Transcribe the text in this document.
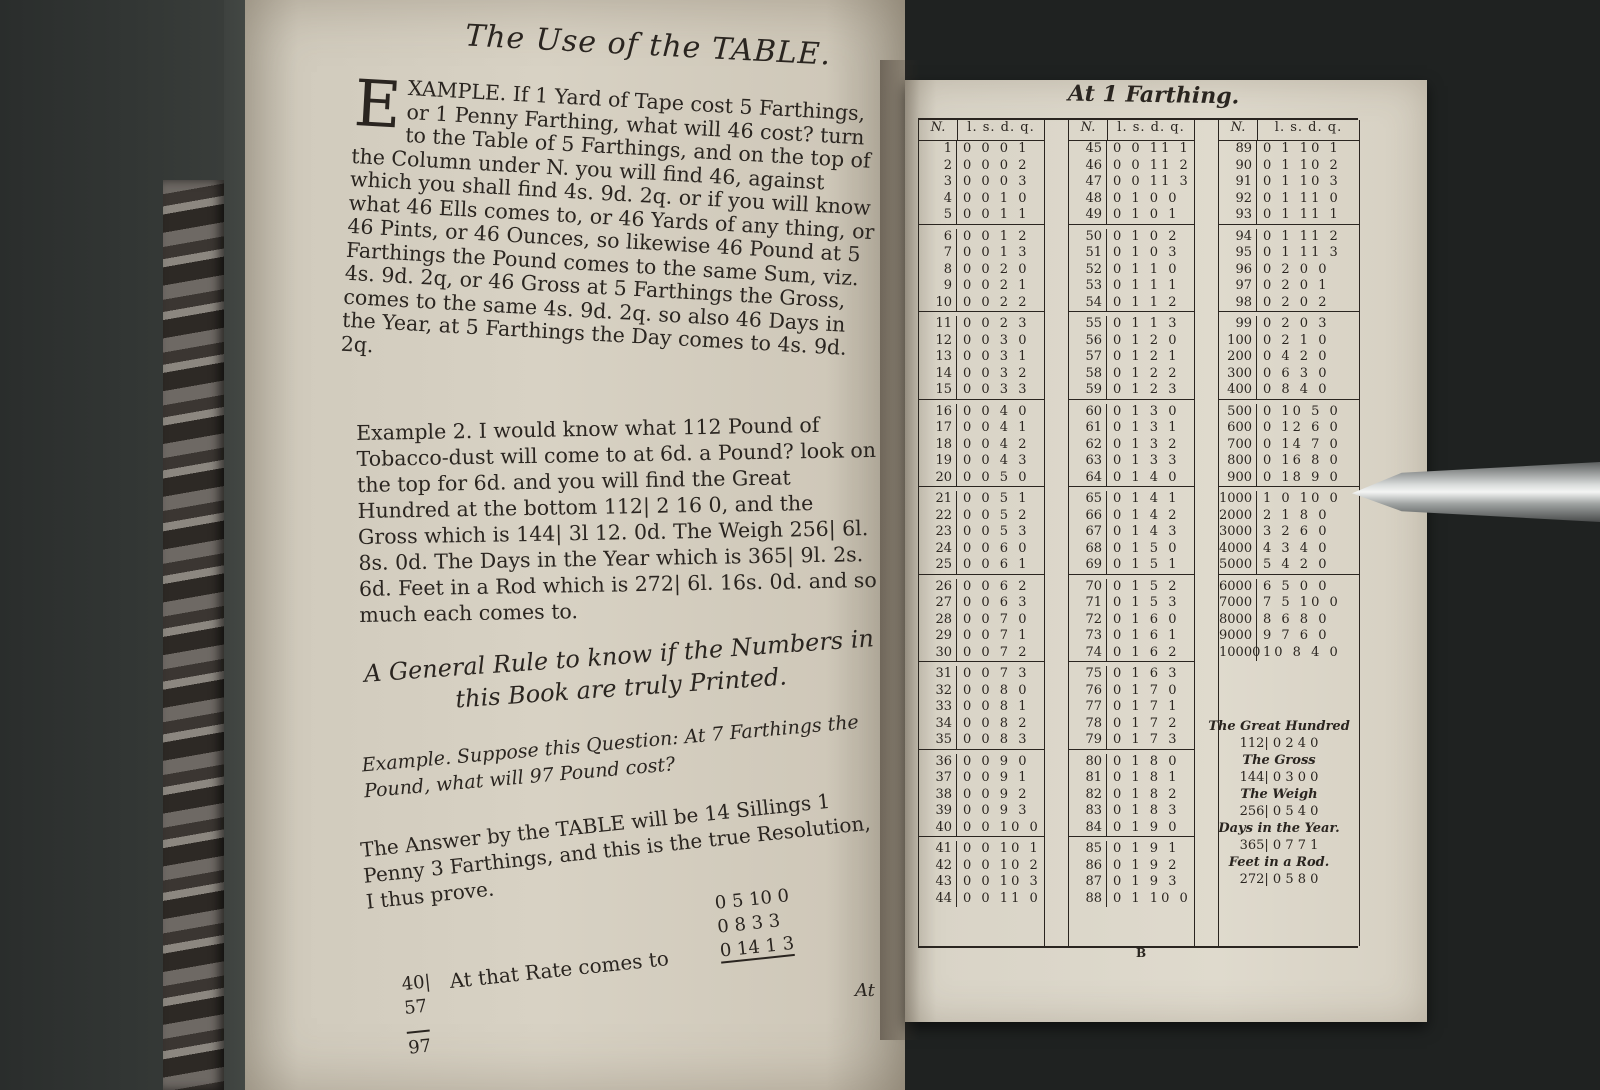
The Use of the TABLE.
E XAMPLE. If 1 Yard of Tape cost 5 Farthings, or 1 Penny Farthing, what will 46 cost? turn to the Table of 5 Farthings, and on the top of the Column under N. you will find 46, against which you shall find 4s. 9d. 2q. or if you will know what 46 Ells comes to, or 46 Yards of any thing, or 46 Pints, or 46 Ounces, so likewise 46 Pound at 5 Farthings the Pound comes to the same Sum, viz. 4s. 9d. 2q, or 46 Gross at 5 Farthings the Gross, comes to the same 4s. 9d. 2q. so also 46 Days in the Year, at 5 Farthings the Day comes to 4s. 9d. 2q.

Example 2. I would know what 112 Pound of Tobacco-dust will come to at 6d. a Pound? look on the top for 6d. and you will find the Great Hundred at the bottom 112| 2 16 0, and the Gross which is 144| 3l 12. 0d. The Weigh 256| 6l. 8s. 0d. The Days in the Year which is 365| 9l. 2s. 6d. Feet in a Rod which is 272| 6l. 16s. 0d. and so much each comes to.
A General Rule to know if the Numbers in this Book are truly Printed.
Example. Suppose this Question: At 7 Farthings the Pound, what will 97 Pound cost?
The Answer by the TABLE will be 14 Sillings 1 Penny 3 Farthings, and this is the true Resolution, I thus prove.
40|
57
97
At that Rate comes to
0 5 10 0
0 8 3 3
0 14 1 3
At
At 1 Farthing.
N.	l. s. d. q.
1 0 0 0 1
2 0 0 0 2
3 0 0 0 3
4 0 0 1 0
5 0 0 1 1
6 0 0 1 2
7 0 0 1 3
8 0 0 2 0
9 0 0 2 1
10 0 0 2 2
11 0 0 2 3
12 0 0 3 0
13 0 0 3 1
14 0 0 3 2
15 0 0 3 3
16 0 0 4 0
17 0 0 4 1
18 0 0 4 2
19 0 0 4 3
20 0 0 5 0
21 0 0 5 1
22 0 0 5 2
23 0 0 5 3
24 0 0 6 0
25 0 0 6 1
26 0 0 6 2
27 0 0 6 3
28 0 0 7 0
29 0 0 7 1
30 0 0 7 2
31 0 0 7 3
32 0 0 8 0
33 0 0 8 1
34 0 0 8 2
35 0 0 8 3
36 0 0 9 0
37 0 0 9 1
38 0 0 9 2
39 0 0 9 3
40 0 0 10 0
41 0 0 10 1
42 0 0 10 2
43 0 0 10 3
44 0 0 11 0
N.	l. s. d. q.
45 0 0 11 1
46 0 0 11 2
47 0 0 11 3
48 0 1 0 0
49 0 1 0 1
50 0 1 0 2
51 0 1 0 3
52 0 1 1 0
53 0 1 1 1
54 0 1 1 2
55 0 1 1 3
56 0 1 2 0
57 0 1 2 1
58 0 1 2 2
59 0 1 2 3
60 0 1 3 0
61 0 1 3 1
62 0 1 3 2
63 0 1 3 3
64 0 1 4 0
65 0 1 4 1
66 0 1 4 2
67 0 1 4 3
68 0 1 5 0
69 0 1 5 1
70 0 1 5 2
71 0 1 5 3
72 0 1 6 0
73 0 1 6 1
74 0 1 6 2
75 0 1 6 3
76 0 1 7 0
77 0 1 7 1
78 0 1 7 2
79 0 1 7 3
80 0 1 8 0
81 0 1 8 1
82 0 1 8 2
83 0 1 8 3
84 0 1 9 0
85 0 1 9 1
86 0 1 9 2
87 0 1 9 3
88 0 1 10 0
N.	l. s. d. q.
89 0 1 10 1
90 0 1 10 2
91 0 1 10 3
92 0 1 11 0
93 0 1 11 1
94 0 1 11 2
95 0 1 11 3
96 0 2 0 0
97 0 2 0 1
98 0 2 0 2
99 0 2 0 3
100 0 2 1 0
200 0 4 2 0
300 0 6 3 0
400 0 8 4 0
500 0 10 5 0
600 0 12 6 0
700 0 14 7 0
800 0 16 8 0
900 0 18 9 0
1000 1 0 10 0
2000 2 1 8 0
3000 3 2 6 0
4000 4 3 4 0
5000 5 4 2 0
6000 6 5 0 0
7000 7 5 10 0
8000 8 6 8 0
9000 9 7 6 0
10000 10 8 4 0
The Great Hundred
112| 0 2 4 0
The Gross
144| 0 3 0 0
The Weigh
256| 0 5 4 0
Days in the Year.
365| 0 7 7 1
Feet in a Rod.
272| 0 5 8 0
B
